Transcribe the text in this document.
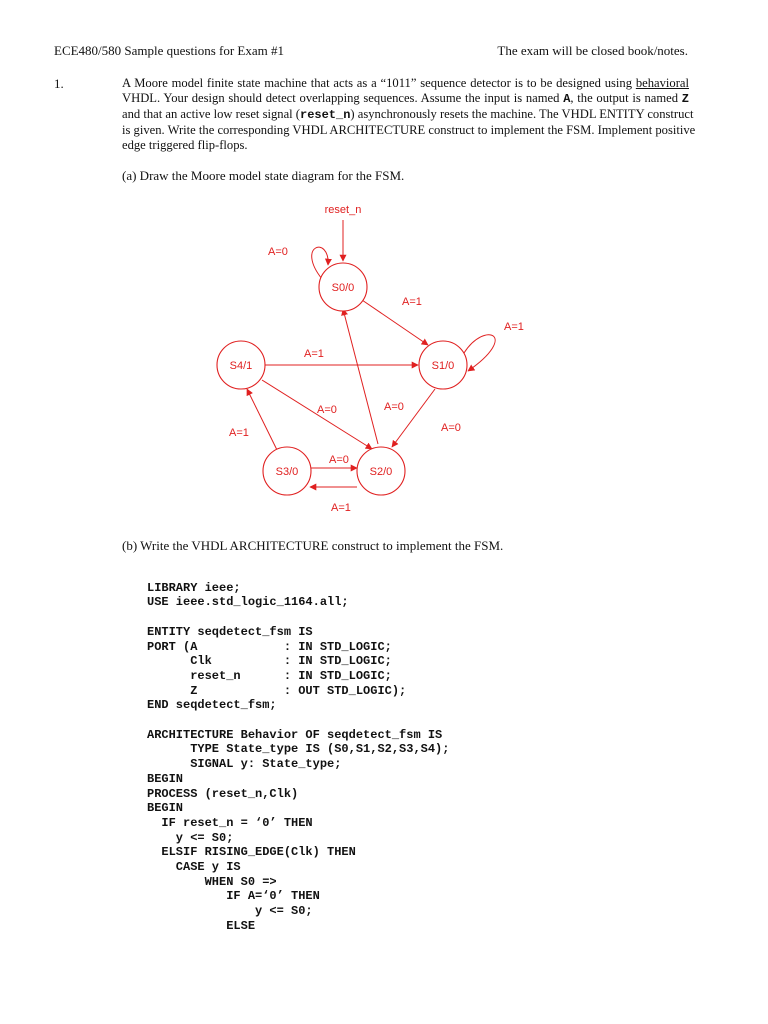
ECE480/580 Sample questions for Exam #1	The exam will be closed book/notes.
1.	A Moore model finite state machine that acts as a “1011” sequence detector is to be designed using behavioral
VHDL. Your design should detect overlapping sequences. Assume the input is named A, the output is named Z
and that an active low reset signal (reset_n) asynchronously resets the machine. The VHDL ENTITY construct
is given. Write the corresponding VHDL ARCHITECTURE construct to implement the FSM. Implement positive
edge triggered flip-flops.
(a) Draw the Moore model state diagram for the FSM.
reset_n
S0/0
S1/0
S2/0
S3/0
S4/1
A=0
A=1
A=1
A=1
A=0	A=0
A=0
A=1
A=0
A=1
(b) Write the VHDL ARCHITECTURE construct to implement the FSM.

LIBRARY ieee;
USE ieee.std_logic_1164.all;
ENTITY seqdetect_fsm IS
PORT (A            : IN STD_LOGIC;
Clk          : IN STD_LOGIC;
reset_n      : IN STD_LOGIC;
Z            : OUT STD_LOGIC);
END seqdetect_fsm;

ARCHITECTURE Behavior OF seqdetect_fsm IS
TYPE State_type IS (S0,S1,S2,S3,S4);
SIGNAL y: State_type;
BEGIN
PROCESS (reset_n,Clk)
BEGIN
IF reset_n = ‘0’ THEN
y <= S0;
ELSIF RISING_EDGE(Clk) THEN
CASE y IS
WHEN S0 =>
IF A=‘0’ THEN
y <= S0;
ELSE
